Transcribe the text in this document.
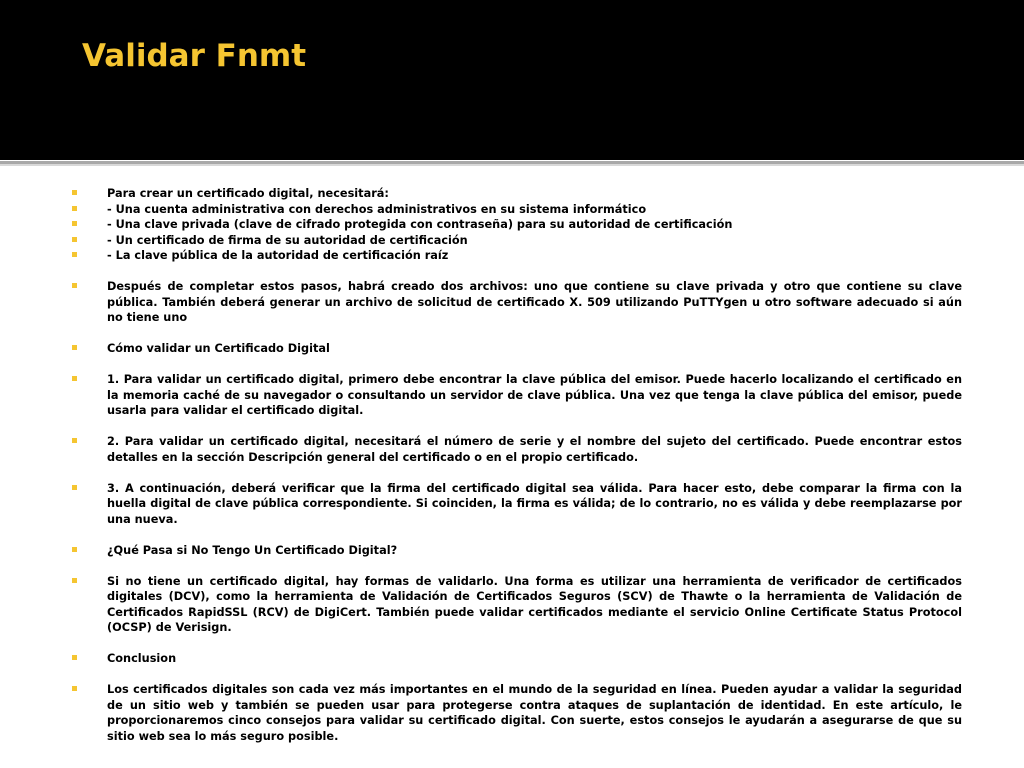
Validar Fnmt
Para crear un certificado digital, necesitará:
- Una cuenta administrativa con derechos administrativos en su sistema informático
- Una clave privada (clave de cifrado protegida con contraseña) para su autoridad de certificación
- Un certificado de firma de su autoridad de certificación
- La clave pública de la autoridad de certificación raíz
Después de completar estos pasos, habrá creado dos archivos: uno que contiene su clave privada y otro que contiene su clave pública. También deberá generar un archivo de solicitud de certificado X. 509 utilizando PuTTYgen u otro software adecuado si aún no tiene uno
Cómo validar un Certificado Digital
1. Para validar un certificado digital, primero debe encontrar la clave pública del emisor. Puede hacerlo localizando el certificado en la memoria caché de su navegador o consultando un servidor de clave pública. Una vez que tenga la clave pública del emisor, puede usarla para validar el certificado digital.
2. Para validar un certificado digital, necesitará el número de serie y el nombre del sujeto del certificado. Puede encontrar estos detalles en la sección Descripción general del certificado o en el propio certificado.
3. A continuación, deberá verificar que la firma del certificado digital sea válida. Para hacer esto, debe comparar la firma con la huella digital de clave pública correspondiente. Si coinciden, la firma es válida; de lo contrario, no es válida y debe reemplazarse por una nueva.
¿Qué Pasa si No Tengo Un Certificado Digital?
Si no tiene un certificado digital, hay formas de validarlo. Una forma es utilizar una herramienta de verificador de certificados digitales (DCV), como la herramienta de Validación de Certificados Seguros (SCV) de Thawte o la herramienta de Validación de Certificados RapidSSL (RCV) de DigiCert. También puede validar certificados mediante el servicio Online Certificate Status Protocol (OCSP) de Verisign.
Conclusion
Los certificados digitales son cada vez más importantes en el mundo de la seguridad en línea. Pueden ayudar a validar la seguridad de un sitio web y también se pueden usar para protegerse contra ataques de suplantación de identidad. En este artículo, le proporcionaremos cinco consejos para validar su certificado digital. Con suerte, estos consejos le ayudarán a asegurarse de que su sitio web sea lo más seguro posible.
